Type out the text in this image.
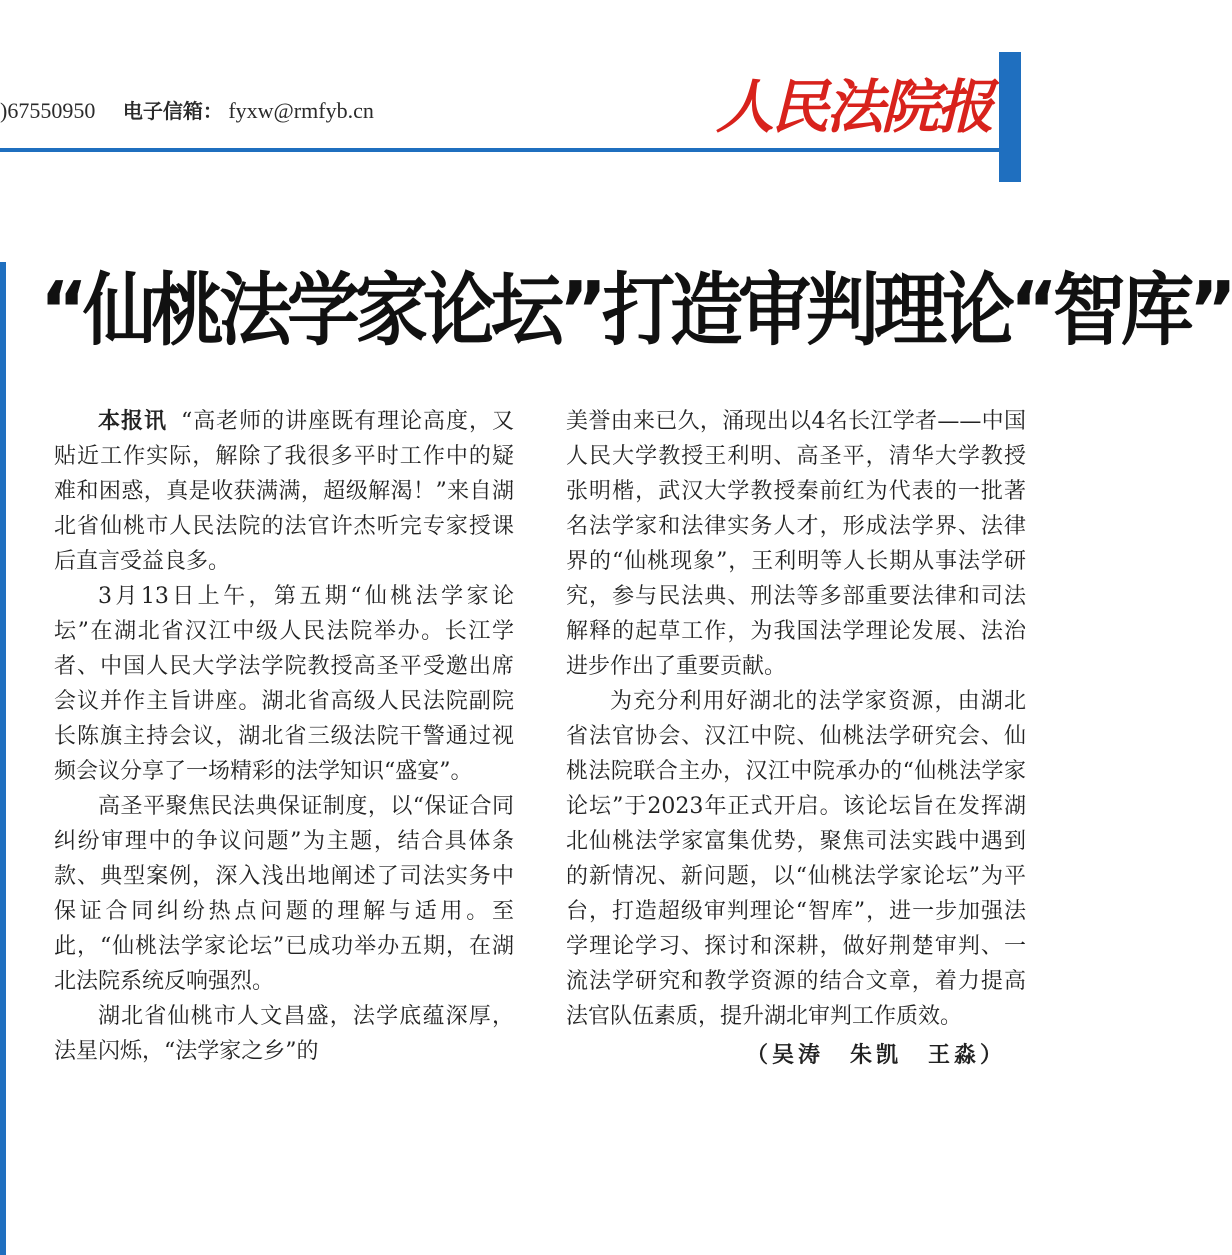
)67550950 电子信箱： fyxw@rmfyb.cn	人民法院报
“仙桃法学家论坛”打造审判理论“智库”

本报讯 “高老师的讲座既有理论高度，又贴近工作实际，解除了我很多平时工作中的疑难和困惑，真是收获满满，超级解渴！”来自湖北省仙桃市人民法院的法官许杰听完专家授课后直言受益良多。

3月13日上午，第五期“仙桃法学家论坛”在湖北省汉江中级人民法院举办。长江学者、中国人民大学法学院教授高圣平受邀出席会议并作主旨讲座。湖北省高级人民法院副院长陈旗主持会议，湖北省三级法院干警通过视频会议分享了一场精彩的法学知识“盛宴”。

高圣平聚焦民法典保证制度，以“保证合同纠纷审理中的争议问题”为主题，结合具体条款、典型案例，深入浅出地阐述了司法实务中保证合同纠纷热点问题的理解与适用。至此，“仙桃法学家论坛”已成功举办五期，在湖北法院系统反响强烈。

湖北省仙桃市人文昌盛，法学底蕴深厚，法星闪烁，“法学家之乡”的

美誉由来已久，涌现出以4名长江学者——中国人民大学教授王利明、高圣平，清华大学教授张明楷，武汉大学教授秦前红为代表的一批著名法学家和法律实务人才，形成法学界、法律界的“仙桃现象”，王利明等人长期从事法学研究，参与民法典、刑法等多部重要法律和司法解释的起草工作，为我国法学理论发展、法治进步作出了重要贡献。

为充分利用好湖北的法学家资源，由湖北省法官协会、汉江中院、仙桃法学研究会、仙桃法院联合主办，汉江中院承办的“仙桃法学家论坛”于2023年正式开启。该论坛旨在发挥湖北仙桃法学家富集优势，聚焦司法实践中遇到的新情况、新问题，以“仙桃法学家论坛”为平台，打造超级审判理论“智库”，进一步加强法学理论学习、探讨和深耕，做好荆楚审判、一流法学研究和教学资源的结合文章，着力提高法官队伍素质，提升湖北审判工作质效。

（吴涛　朱凯　王淼）
